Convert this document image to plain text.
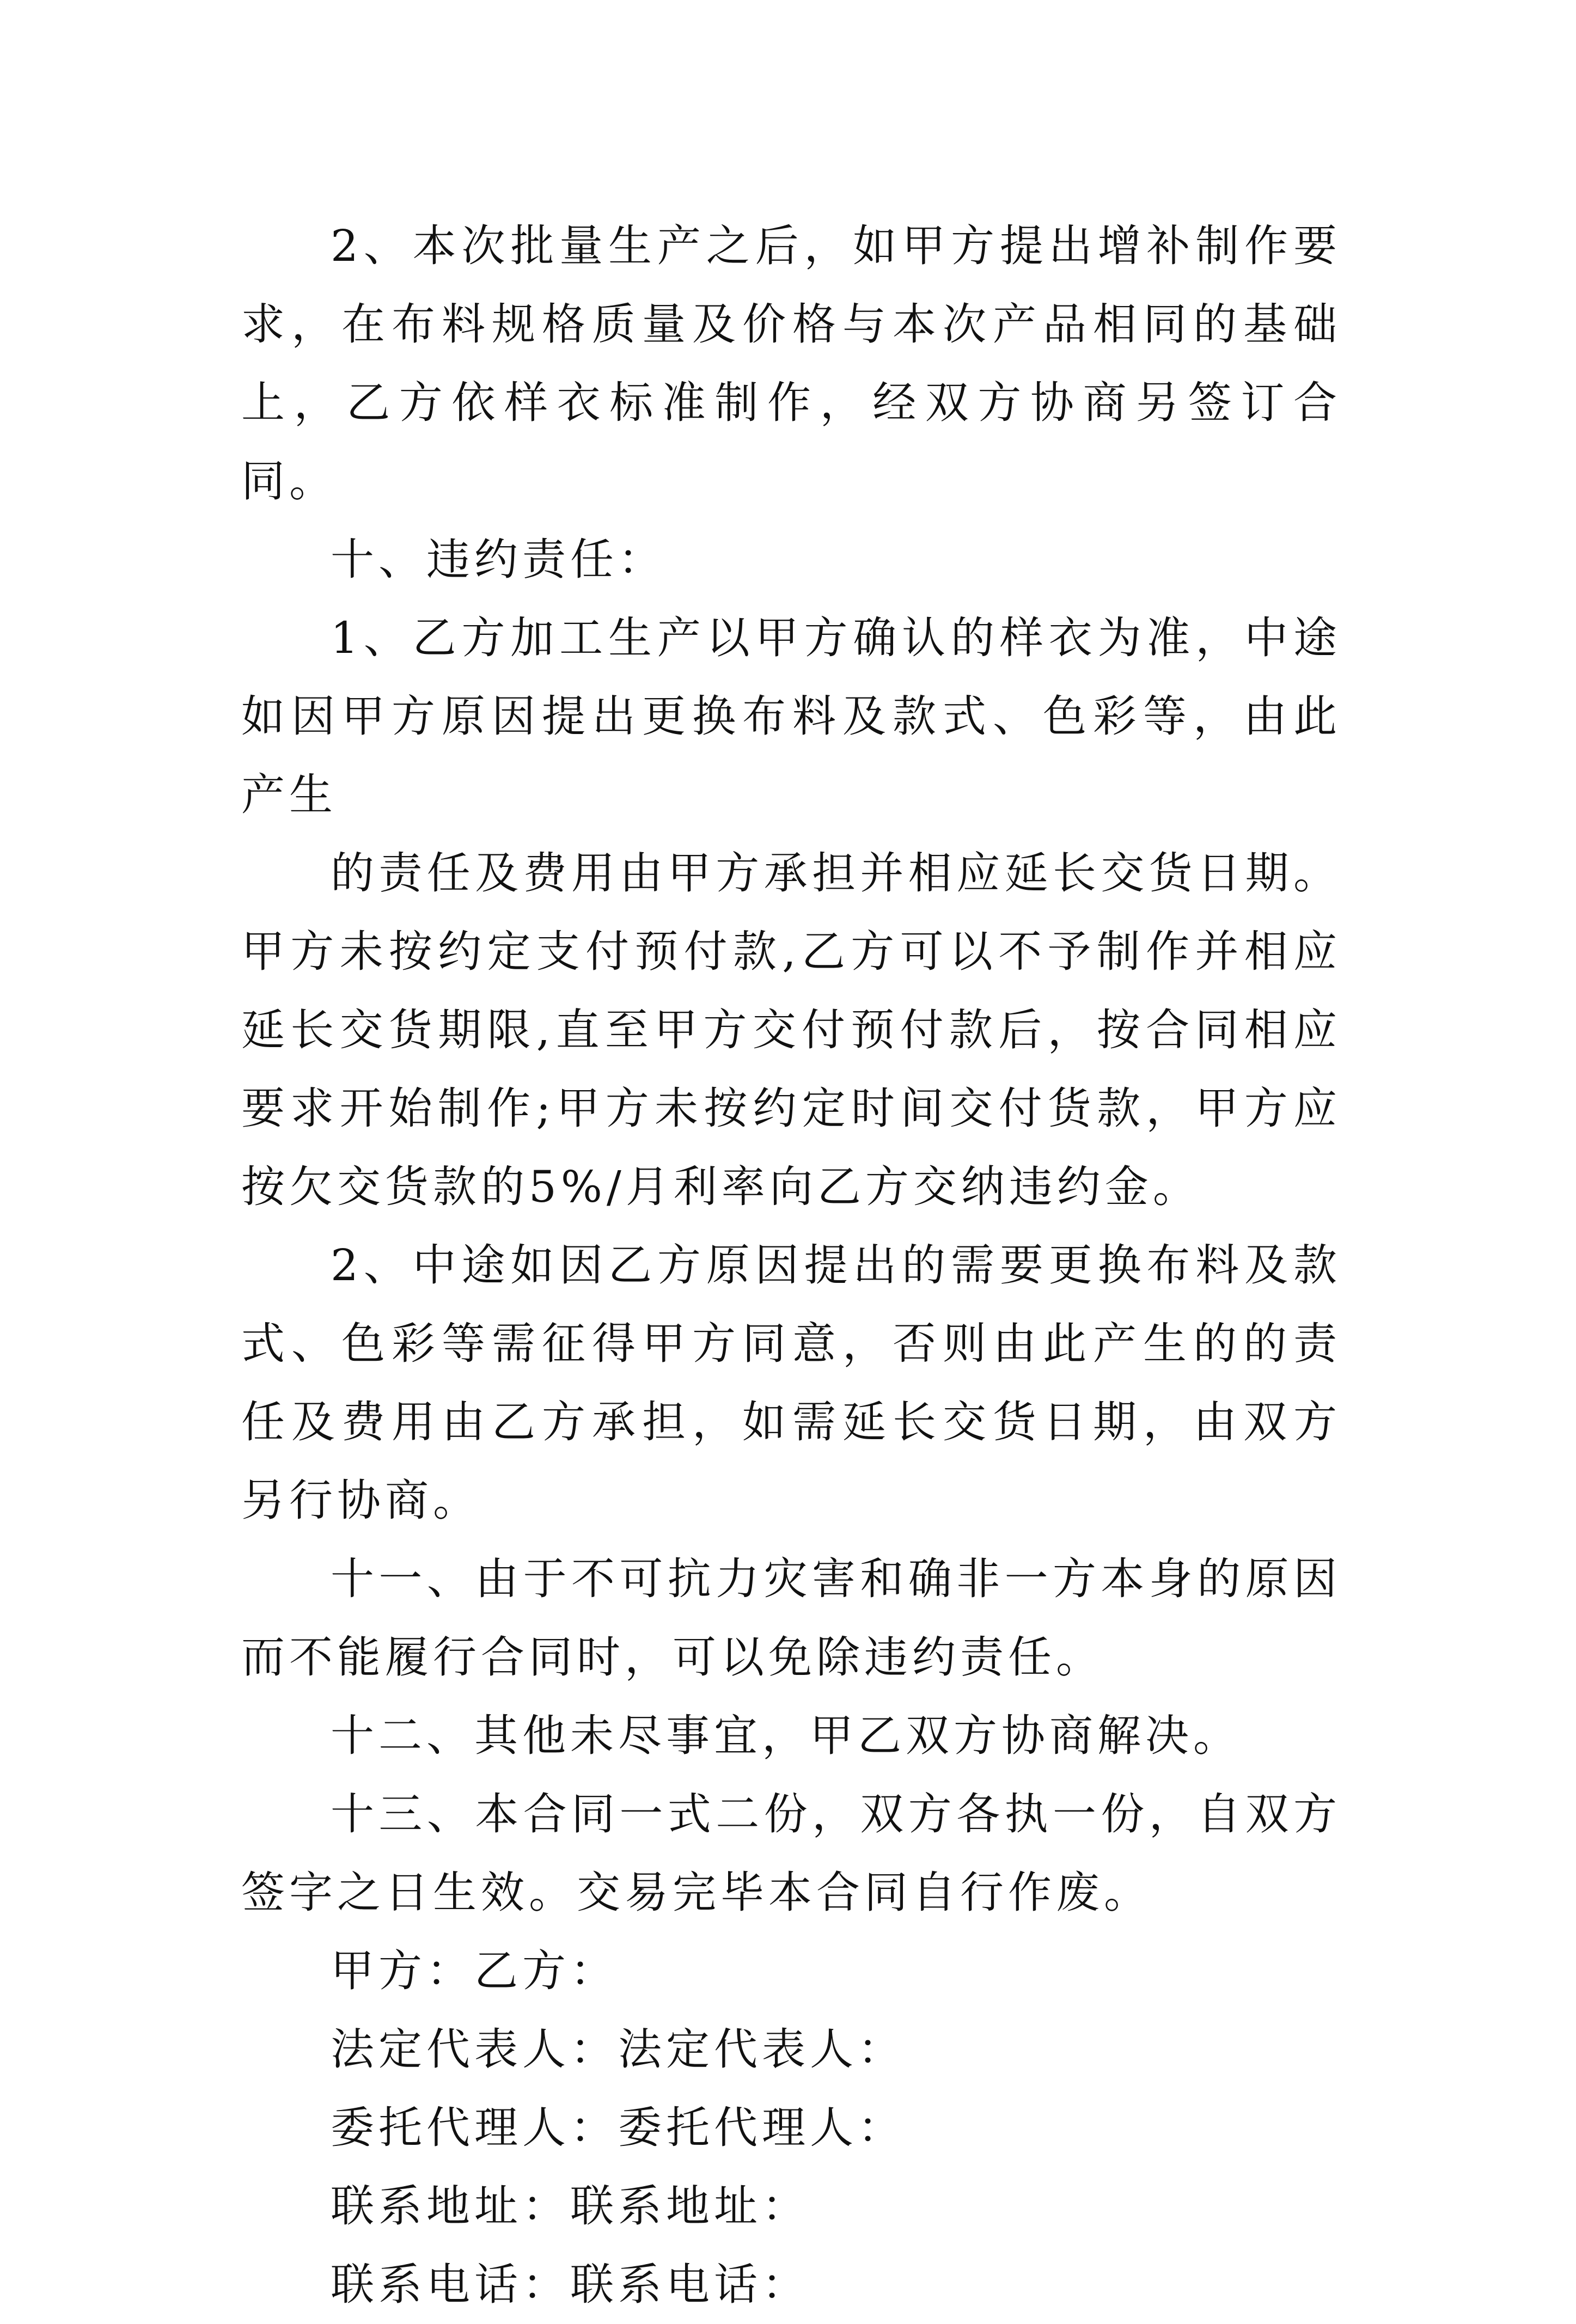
2、本次批量生产之后，如甲方提出增补制作要求，在布料规格质量及价格与本次产品相同的基础上，乙方依样衣标准制作，经双方协商另签订合同。

十、违约责任：

1、乙方加工生产以甲方确认的样衣为准，中途如因甲方原因提出更换布料及款式、色彩等，由此产生

的责任及费用由甲方承担并相应延长交货日期。甲方未按约定支付预付款,乙方可以不予制作并相应延长交货期限,直至甲方交付预付款后，按合同相应要求开始制作;甲方未按约定时间交付货款，甲方应按欠交货款的5%/月利率向乙方交纳违约金。

2、中途如因乙方原因提出的需要更换布料及款式、色彩等需征得甲方同意，否则由此产生的的责任及费用由乙方承担，如需延长交货日期，由双方另行协商。

十一、由于不可抗力灾害和确非一方本身的原因而不能履行合同时，可以免除违约责任。

十二、其他未尽事宜，甲乙双方协商解决。

十三、本合同一式二份，双方各执一份，自双方签字之日生效。交易完毕本合同自行作废。

甲方：乙方：

法定代表人：法定代表人：

委托代理人：委托代理人：

联系地址：联系地址：

联系电话：联系电话：
